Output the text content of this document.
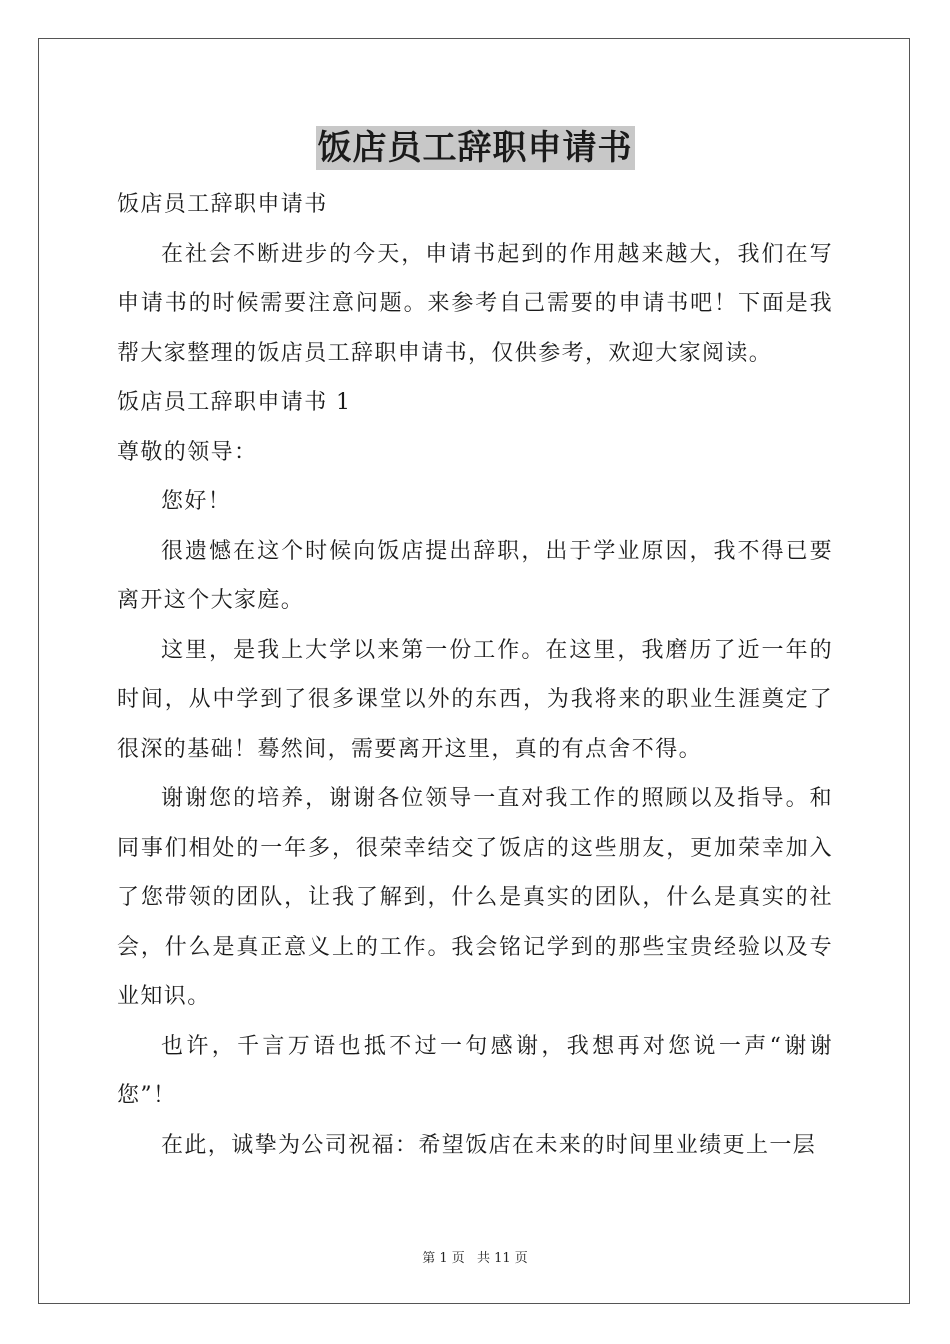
饭店员工辞职申请书
饭店员工辞职申请书
在社会不断进步的今天，申请书起到的作用越来越大，我们在写申请书的时候需要注意问题。来参考自己需要的申请书吧！下面是我帮大家整理的饭店员工辞职申请书，仅供参考，欢迎大家阅读。
饭店员工辞职申请书 1
尊敬的领导：
您好！
很遗憾在这个时候向饭店提出辞职，出于学业原因，我不得已要离开这个大家庭。
这里，是我上大学以来第一份工作。在这里，我磨历了近一年的时间，从中学到了很多课堂以外的东西，为我将来的职业生涯奠定了很深的基础！蓦然间，需要离开这里，真的有点舍不得。
谢谢您的培养，谢谢各位领导一直对我工作的照顾以及指导。和同事们相处的一年多，很荣幸结交了饭店的这些朋友，更加荣幸加入了您带领的团队，让我了解到，什么是真实的团队，什么是真实的社会，什么是真正意义上的工作。我会铭记学到的那些宝贵经验以及专业知识。
也许，千言万语也抵不过一句感谢，我想再对您说一声“谢谢您”！
在此，诚挚为公司祝福：希望饭店在未来的时间里业绩更上一层
第 1 页 共 11 页
